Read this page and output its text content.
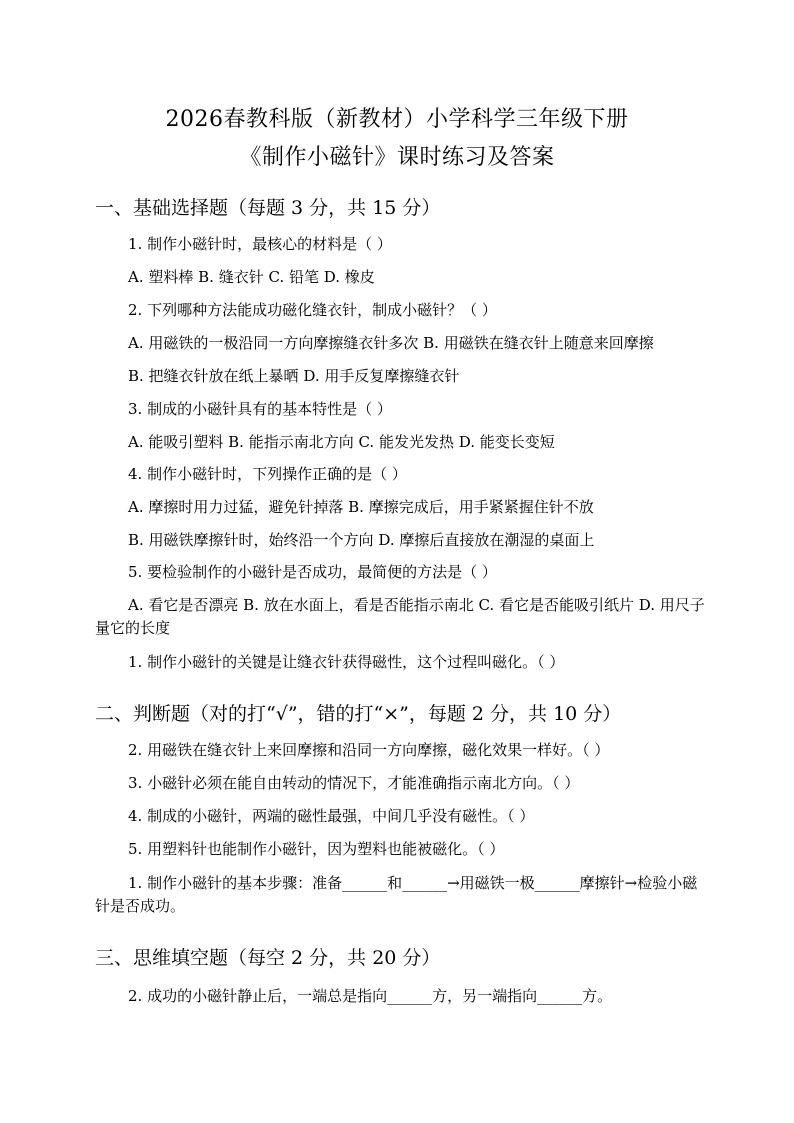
2026春教科版（新教材）小学科学三年级下册
《制作小磁针》课时练习及答案
一、基础选择题（每题 3 分，共 15 分）
1. 制作小磁针时，最核心的材料是（ ）
A. 塑料棒 B. 缝衣针 C. 铅笔 D. 橡皮
2. 下列哪种方法能成功磁化缝衣针，制成小磁针？（ ）
A. 用磁铁的一极沿同一方向摩擦缝衣针多次 B. 用磁铁在缝衣针上随意来回摩擦
B. 把缝衣针放在纸上暴晒 D. 用手反复摩擦缝衣针
3. 制成的小磁针具有的基本特性是（ ）
A. 能吸引塑料 B. 能指示南北方向 C. 能发光发热 D. 能变长变短
4. 制作小磁针时，下列操作正确的是（ ）
A. 摩擦时用力过猛，避免针掉落 B. 摩擦完成后，用手紧紧握住针不放
B. 用磁铁摩擦针时，始终沿一个方向 D. 摩擦后直接放在潮湿的桌面上
5. 要检验制作的小磁针是否成功，最简便的方法是（ ）
A. 看它是否漂亮 B. 放在水面上，看是否能指示南北 C. 看它是否能吸引纸片 D. 用尺子量它的长度
1. 制作小磁针的关键是让缝衣针获得磁性，这个过程叫磁化。（ ）
二、判断题（对的打“√”，错的打“×”，每题 2 分，共 10 分）
2. 用磁铁在缝衣针上来回摩擦和沿同一方向摩擦，磁化效果一样好。（ ）
3. 小磁针必须在能自由转动的情况下，才能准确指示南北方向。（ ）
4. 制成的小磁针，两端的磁性最强，中间几乎没有磁性。（ ）
5. 用塑料针也能制作小磁针，因为塑料也能被磁化。（ ）
1. 制作小磁针的基本步骤：准备______和______→用磁铁一极______摩擦针→检验小磁针是否成功。
三、思维填空题（每空 2 分，共 20 分）
2. 成功的小磁针静止后，一端总是指向______方，另一端指向______方。
